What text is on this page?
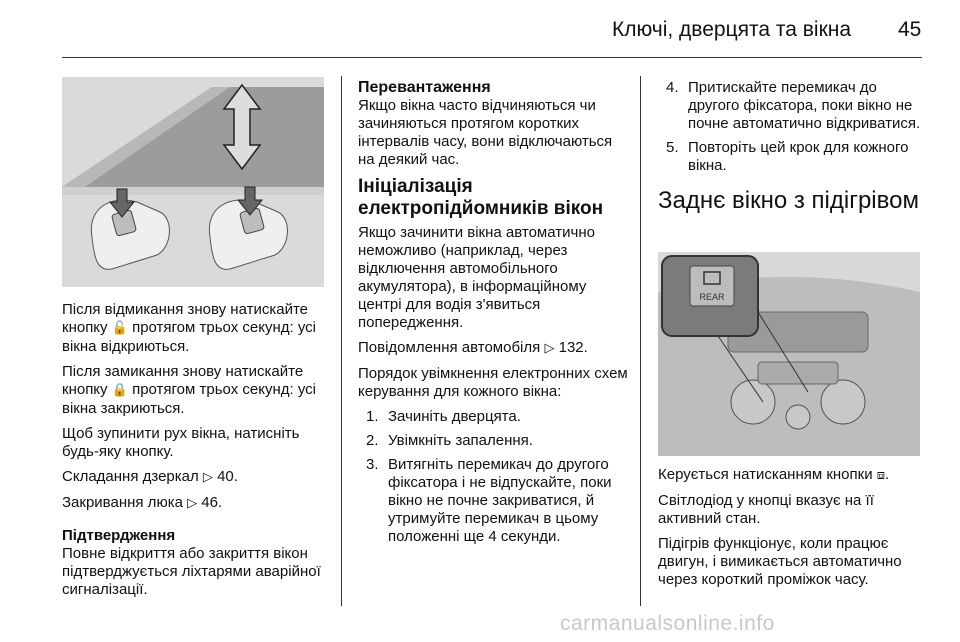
Ключі, дверцята та вікна 45

Після відмикання знову натискайте кнопку 🔓 протягом трьох секунд: усі вікна відкриються.

Після замикання знову натискайте кнопку 🔒 протягом трьох секунд: усі вікна закриються.

Щоб зупинити рух вікна, натисніть будь-яку кнопку.

Складання дзеркал ▷ 40.

Закривання люка ▷ 46.

Підтвердження

Повне відкриття або закриття вікон підтверджується ліхтарями аварійної сигналізації.

Перевантаження

Якщо вікна часто відчиняються чи зачиняються протягом коротких інтервалів часу, вони відключаються на деякий час.

Ініціалізація електропідйомників вікон

Якщо зачинити вікна автоматично неможливо (наприклад, через відключення автомобільного акумулятора), в інформаційному центрі для водія з'явиться попередження.

Повідомлення автомобіля ▷ 132.

Порядок увімкнення електронних схем керування для кожного вікна:

1. Зачиніть дверцята.
2. Увімкніть запалення.
3. Витягніть перемикач до другого фіксатора і не відпускайте, поки вікно не почне закриватися, й утримуйте перемикач в цьому положенні ще 4 секунди.
4. Притискайте перемикач до другого фіксатора, поки вікно не почне автоматично відкриватися.
5. Повторіть цей крок для кожного вікна.

Заднє вікно з підігрівом

REAR

Керується натисканням кнопки ⧈.

Світлодіод у кнопці вказує на її активний стан.

Підігрів функціонує, коли працює двигун, і вимикається автоматично через короткий проміжок часу.

carmanualsonline.info
